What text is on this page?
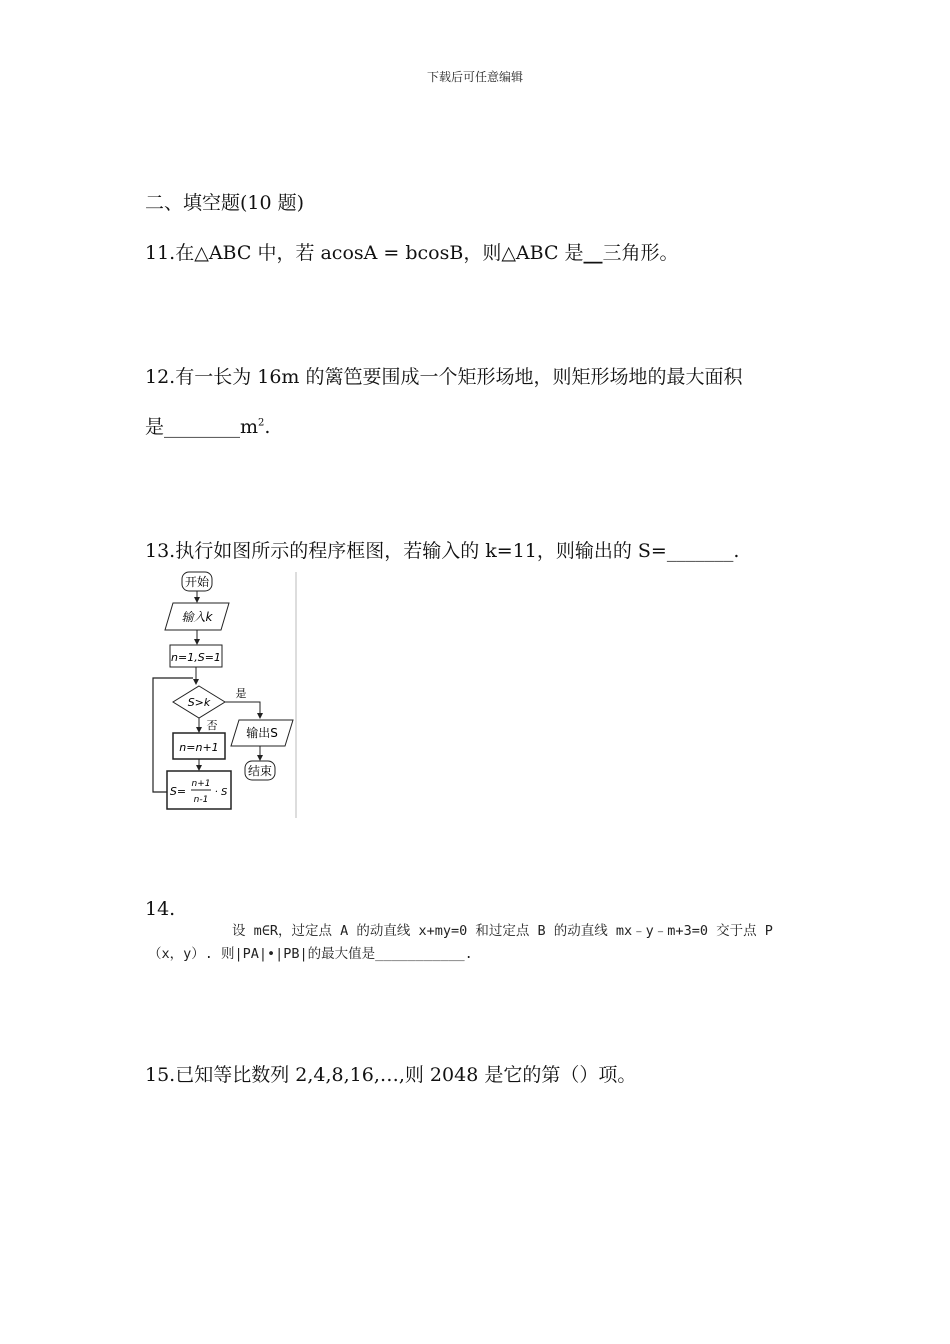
下载后可任意编辑
二、填空题(10 题)
11.在△ABC 中，若 acosA = bcosB，则△ABC 是__三角形。
12.有一长为 16m 的篱笆要围成一个矩形场地，则矩形场地的最大面积
是$\_\_\_\_\_\_\_\_m^2$.
13.执行如图所示的程序框图，若输入的 k=11，则输出的 S=_______.
开始
输入k
n=1,S=1
S>k
是
否
输出S
结束
n=n+1
S=
n+1
n-1
· S
14.
设 m∈R，过定点 A 的动直线 x+my=0 和过定点 B 的动直线 mx﹣y﹣m+3=0 交于点 P
（x，y）. 则|PA|•|PB|的最大值是___________.
15.已知等比数列 2,4,8,16,…,则 2048 是它的第（）项。
